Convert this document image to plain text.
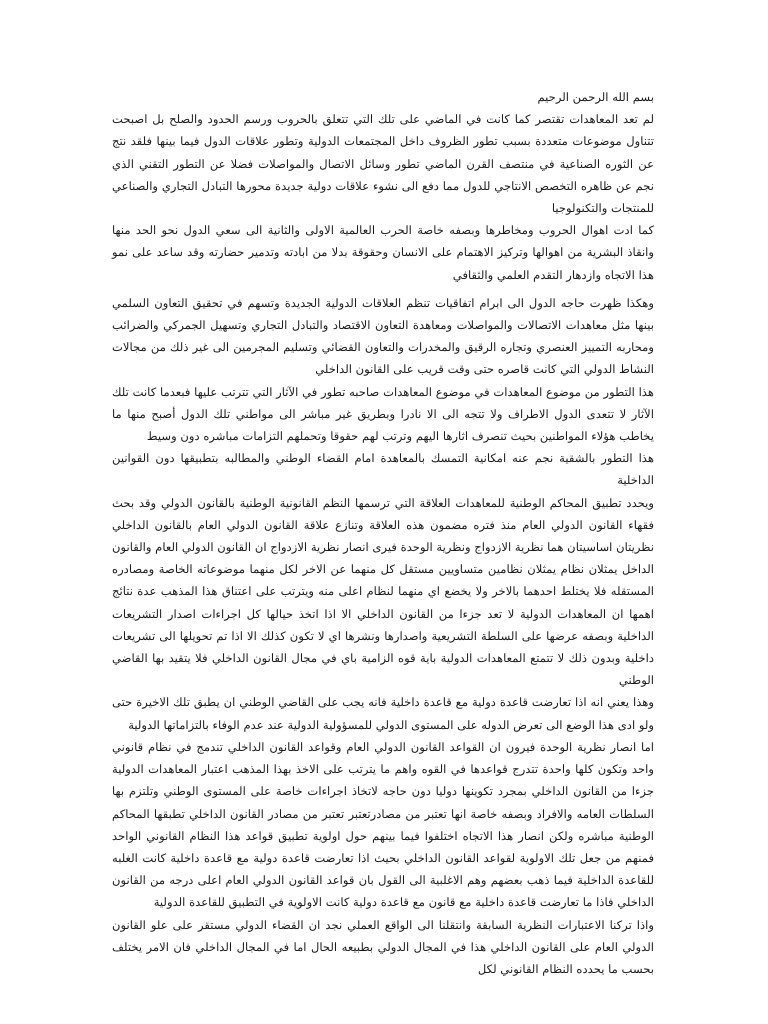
بسم الله الرحمن الرحيم

لم تعد المعاهدات تقتصر كما كانت في الماضي على تلك التي تتعلق بالحروب ورسم الحدود والصلح بل اصبحت تتناول موضوعات متعددة بسبب تطور الظروف داخل المجتمعات الدولية وتطور علاقات الدول فيما بينها فلقد نتج عن الثوره الصناعية في منتصف القرن الماضي تطور وسائل الاتصال والمواصلات فضلا عن التطور التقني الذي نجم عن ظاهره التخصص الانتاجي للدول مما دفع الى نشوء علاقات دولية جديدة محورها التبادل التجاري والصناعي للمنتجات والتكنولوجيا

كما ادت اهوال الحروب ومخاطرها وبصفه خاصة الحرب العالمية الاولى والثانية الى سعي الدول نحو الحد منها وانقاذ البشرية من اهوالها وتركيز الاهتمام على الانسان وحقوقة بدلا من ابادته وتدمير حضارته وقد ساعد على نمو هذا الاتجاه وازدهار التقدم العلمي والثقافي

وهكذا ظهرت حاجه الدول الى ابرام اتفاقيات تنظم العلاقات الدولية الجديدة وتسهم في تحقيق التعاون السلمي بينها مثل معاهدات الاتصالات والمواصلات ومعاهدة التعاون الاقتصاد والتبادل التجاري وتسهيل الجمركي والضرائب ومحاربه التمييز العنصري وتجاره الرقيق والمخدرات والتعاون القضائي وتسليم المجرمين الى غير ذلك من مجالات النشاط الدولي التي كانت قاصره حتى وقت قريب على القانون الداخلي

هذا التطور من موضوع المعاهدات في موضوع المعاهدات صاحبه تطور في الآثار التي تترتب عليها فبعدما كانت تلك الآثار لا تتعدى الدول الاطراف ولا تتجه الى الا نادرا وبطريق غير مباشر الى مواطني تلك الدول أصبح منها ما يخاطب هؤلاء المواطنين بحيث تنصرف اثارها اليهم وترتب لهم حقوقا وتحملهم التزامات مباشره دون وسيط

هذا التطور بالشقية نجم عنه امكانية التمسك بالمعاهدة امام القضاء الوطني والمطالبه بتطبيقها دون القوانين الداخلية

ويحدد تطبيق المحاكم الوطنية للمعاهدات العلاقة التي ترسمها النظم القانونية الوطنية بالقانون الدولي وقد بحث فقهاء القانون الدولي العام منذ فتره مضمون هذه العلاقة وتنازع علاقة القانون الدولي العام بالقانون الداخلي نظريتان اساسيتان هما نظرية الازدواج ونظرية الوحدة فيرى انصار نظرية الازدواج ان القانون الدولي العام والقانون الداخل يمثلان نظام يمثلان نظامين متساويين مستقل كل منهما عن الاخر لكل منهما موضوعاته الخاصة ومصادره المستقله فلا يختلط احدهما بالاخر ولا يخضع اي منهما لنظام اعلى منه ويترتب على اعتناق هذا المذهب عدة نتائج اهمها ان المعاهدات الدولية لا تعد جزءا من القانون الداخلي الا اذا اتخذ حيالها كل اجراءات اصدار التشريعات الداخلية وبصفه عرضها على السلطة التشريعية واصدارها ونشرها اي لا تكون كذلك الا اذا تم تحويلها الى تشريعات داخلية وبدون ذلك لا تتمتع المعاهدات الدولية باية قوه الزامية باي في مجال القانون الداخلي فلا يتقيد بها القاضي الوطني

وهذا يعني انه اذا تعارضت قاعدة دولية مع قاعدة داخلية فانه يجب على القاضي الوطني ان يطبق تلك الاخيرة حتى ولو ادى هذا الوضع الى تعرض الدوله على المستوى الدولي للمسؤولية الدولية عند عدم الوفاء بالتزاماتها الدولية

اما انصار نظرية الوحدة فيرون ان القواعد القانون الدولي العام وقواعد القانون الداخلي تندمج في نظام قانوني واحد وتكون كلها واحدة تتدرج قواعدها في القوه واهم ما يترتب على الاخذ بهذا المذهب اعتبار المعاهدات الدولية جزءا من القانون الداخلي بمجرد تكوينها دوليا دون حاجه لاتخاذ اجراءات خاصة على المستوى الوطني وتلتزم بها السلطات العامه والافراد وبصفه خاصة انها تعتبر من مصادرتعتبر تعتبر من مصادر القانون الداخلي تطبقها المحاكم الوطنية مباشره ولكن انصار هذا الاتجاه اختلفوا فيما بينهم حول اولوية تطبيق قواعد هذا النظام القانوني الواحد فمنهم من جعل تلك الاولوية لقواعد القانون الداخلي بحيث اذا تعارضت قاعدة دولية مع قاعدة داخلية كانت الغلبه للقاعدة الداخلية فيما ذهب بعضهم وهم الاغلبية الى القول بان قواعد القانون الدولي العام اعلى درجه من القانون الداخلي فاذا ما تعارضت قاعدة داخلية مع قانون مع قاعدة دولية كانت الاولوية في التطبيق للقاعدة الدولية

واذا تركنا الاعتبارات النظرية السابقة وانتقلنا الى الواقع العملي نجد ان القضاء الدولي مستقر على علو القانون الدولي العام على القانون الداخلي هذا في المجال الدولي بطبيعه الحال اما في المجال الداخلي فان الامر يختلف بحسب ما يحدده النظام القانوني لكل
